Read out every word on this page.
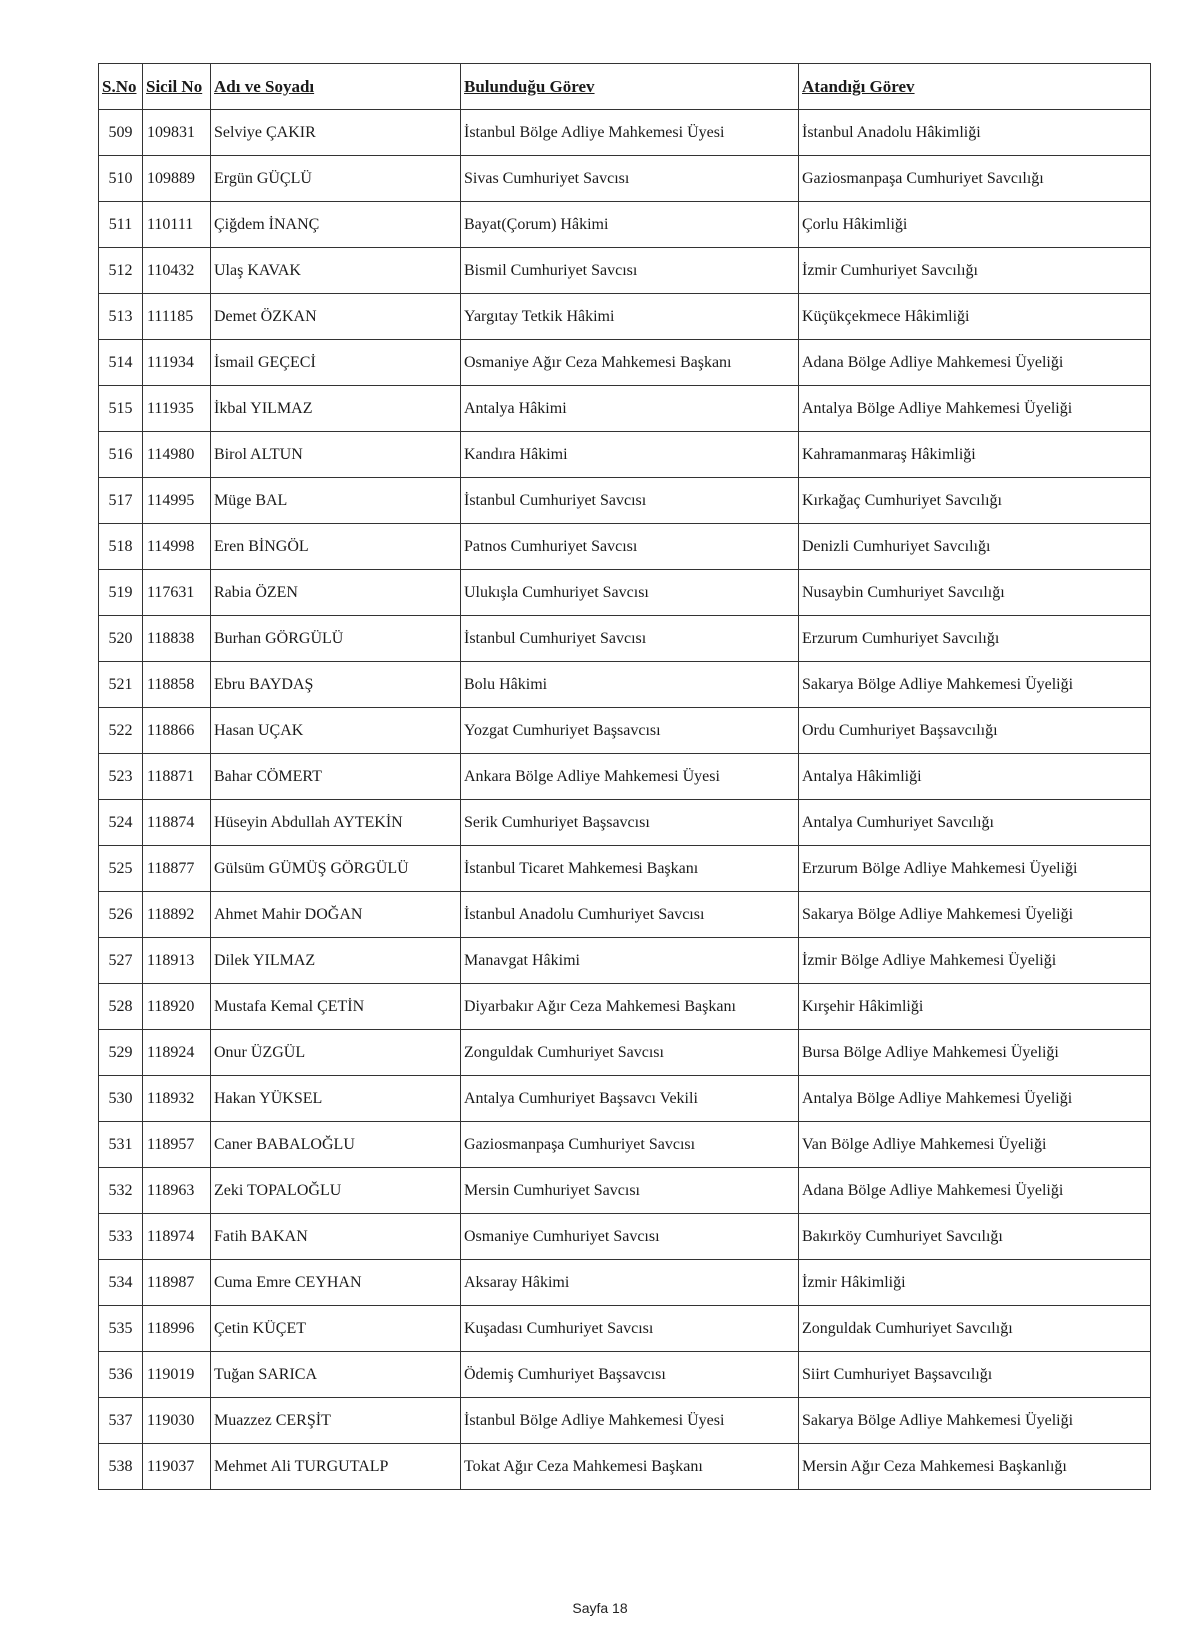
S.No	Sicil No	Adı ve Soyadı	Bulunduğu Görev	Atandığı Görev
509	109831	Selviye ÇAKIR	İstanbul Bölge Adliye Mahkemesi Üyesi	İstanbul Anadolu Hâkimliği
510	109889	Ergün GÜÇLÜ	Sivas Cumhuriyet Savcısı	Gaziosmanpaşa Cumhuriyet Savcılığı
511	110111	Çiğdem İNANÇ	Bayat(Çorum) Hâkimi	Çorlu Hâkimliği
512	110432	Ulaş KAVAK	Bismil Cumhuriyet Savcısı	İzmir Cumhuriyet Savcılığı
513	111185	Demet ÖZKAN	Yargıtay Tetkik Hâkimi	Küçükçekmece Hâkimliği
514	111934	İsmail GEÇECİ	Osmaniye Ağır Ceza Mahkemesi Başkanı	Adana Bölge Adliye Mahkemesi Üyeliği
515	111935	İkbal YILMAZ	Antalya Hâkimi	Antalya Bölge Adliye Mahkemesi Üyeliği
516	114980	Birol ALTUN	Kandıra Hâkimi	Kahramanmaraş Hâkimliği
517	114995	Müge BAL	İstanbul Cumhuriyet Savcısı	Kırkağaç Cumhuriyet Savcılığı
518	114998	Eren BİNGÖL	Patnos Cumhuriyet Savcısı	Denizli Cumhuriyet Savcılığı
519	117631	Rabia ÖZEN	Ulukışla Cumhuriyet Savcısı	Nusaybin Cumhuriyet Savcılığı
520	118838	Burhan GÖRGÜLÜ	İstanbul Cumhuriyet Savcısı	Erzurum Cumhuriyet Savcılığı
521	118858	Ebru BAYDAŞ	Bolu Hâkimi	Sakarya Bölge Adliye Mahkemesi Üyeliği
522	118866	Hasan UÇAK	Yozgat Cumhuriyet Başsavcısı	Ordu Cumhuriyet Başsavcılığı
523	118871	Bahar CÖMERT	Ankara Bölge Adliye Mahkemesi Üyesi	Antalya Hâkimliği
524	118874	Hüseyin Abdullah AYTEKİN	Serik Cumhuriyet Başsavcısı	Antalya Cumhuriyet Savcılığı
525	118877	Gülsüm GÜMÜŞ GÖRGÜLÜ	İstanbul Ticaret Mahkemesi Başkanı	Erzurum Bölge Adliye Mahkemesi Üyeliği
526	118892	Ahmet Mahir DOĞAN	İstanbul Anadolu Cumhuriyet Savcısı	Sakarya Bölge Adliye Mahkemesi Üyeliği
527	118913	Dilek YILMAZ	Manavgat Hâkimi	İzmir Bölge Adliye Mahkemesi Üyeliği
528	118920	Mustafa Kemal ÇETİN	Diyarbakır Ağır Ceza Mahkemesi Başkanı	Kırşehir Hâkimliği
529	118924	Onur ÜZGÜL	Zonguldak Cumhuriyet Savcısı	Bursa Bölge Adliye Mahkemesi Üyeliği
530	118932	Hakan YÜKSEL	Antalya Cumhuriyet Başsavcı Vekili	Antalya Bölge Adliye Mahkemesi Üyeliği
531	118957	Caner BABALOĞLU	Gaziosmanpaşa Cumhuriyet Savcısı	Van Bölge Adliye Mahkemesi Üyeliği
532	118963	Zeki TOPALOĞLU	Mersin Cumhuriyet Savcısı	Adana Bölge Adliye Mahkemesi Üyeliği
533	118974	Fatih BAKAN	Osmaniye Cumhuriyet Savcısı	Bakırköy Cumhuriyet Savcılığı
534	118987	Cuma Emre CEYHAN	Aksaray Hâkimi	İzmir Hâkimliği
535	118996	Çetin KÜÇET	Kuşadası Cumhuriyet Savcısı	Zonguldak Cumhuriyet Savcılığı
536	119019	Tuğan SARICA	Ödemiş Cumhuriyet Başsavcısı	Siirt Cumhuriyet Başsavcılığı
537	119030	Muazzez CERŞİT	İstanbul Bölge Adliye Mahkemesi Üyesi	Sakarya Bölge Adliye Mahkemesi Üyeliği
538	119037	Mehmet Ali TURGUTALP	Tokat Ağır Ceza Mahkemesi Başkanı	Mersin Ağır Ceza Mahkemesi Başkanlığı
Sayfa 18
